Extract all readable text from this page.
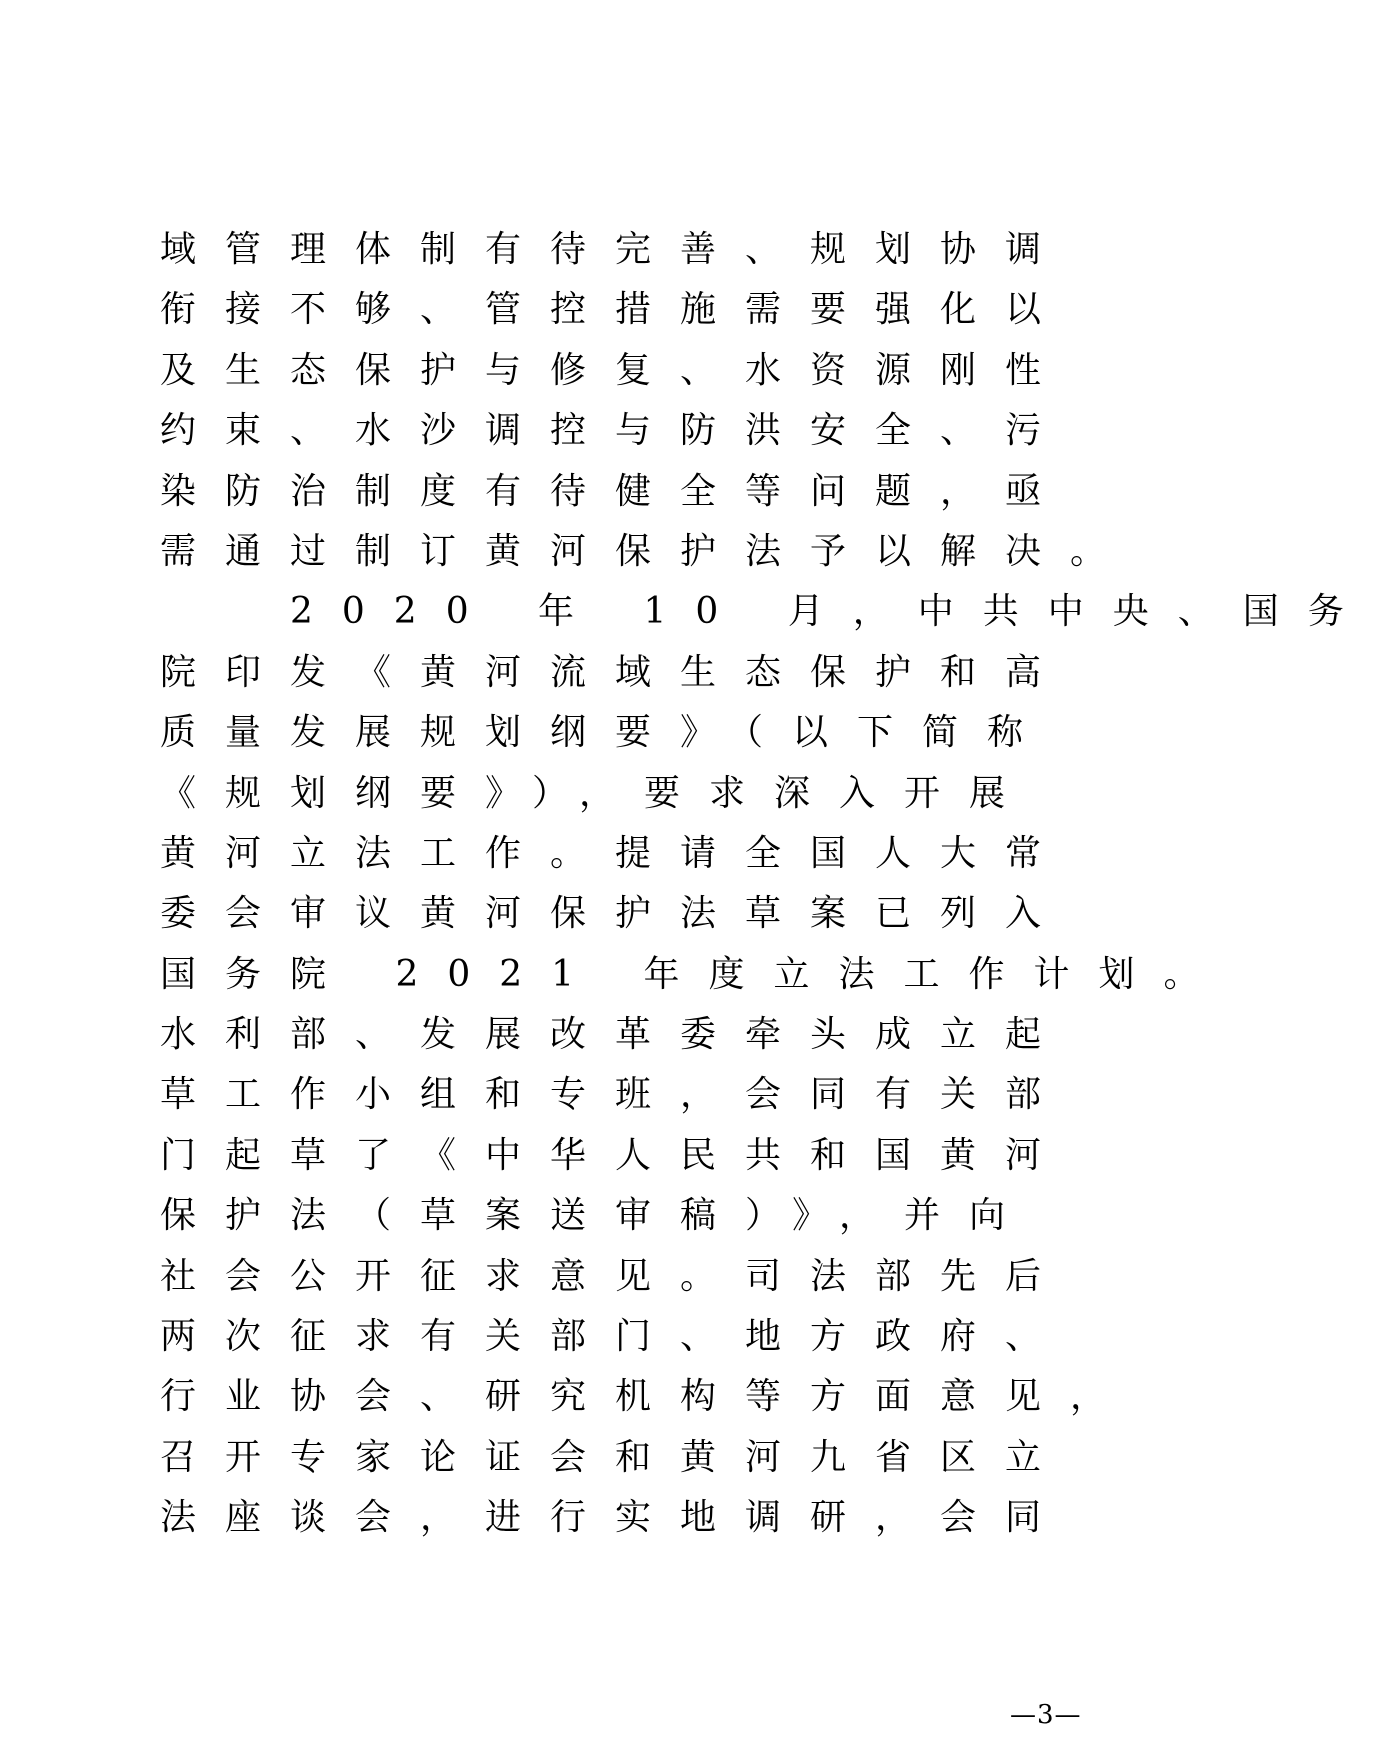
域管理体制有待完善、规划协调
衔接不够、管控措施需要强化以
及生态保护与修复、水资源刚性
约束、水沙调控与防洪安全、污
染防治制度有待健全等问题，亟
需通过制订黄河保护法予以解决。
　　2020 年 10 月，中共中央、国务
院印发《黄河流域生态保护和高
质量发展规划纲要》（以下简称
《规划纲要》），要求深入开展
黄河立法工作。提请全国人大常
委会审议黄河保护法草案已列入
国务院 2021 年度立法工作计划。
水利部、发展改革委牵头成立起
草工作小组和专班，会同有关部
门起草了《中华人民共和国黄河
保护法（草案送审稿）》，并向
社会公开征求意见。司法部先后
两次征求有关部门、地方政府、
行业协会、研究机构等方面意见，
召开专家论证会和黄河九省区立
法座谈会，进行实地调研，会同
—3—
